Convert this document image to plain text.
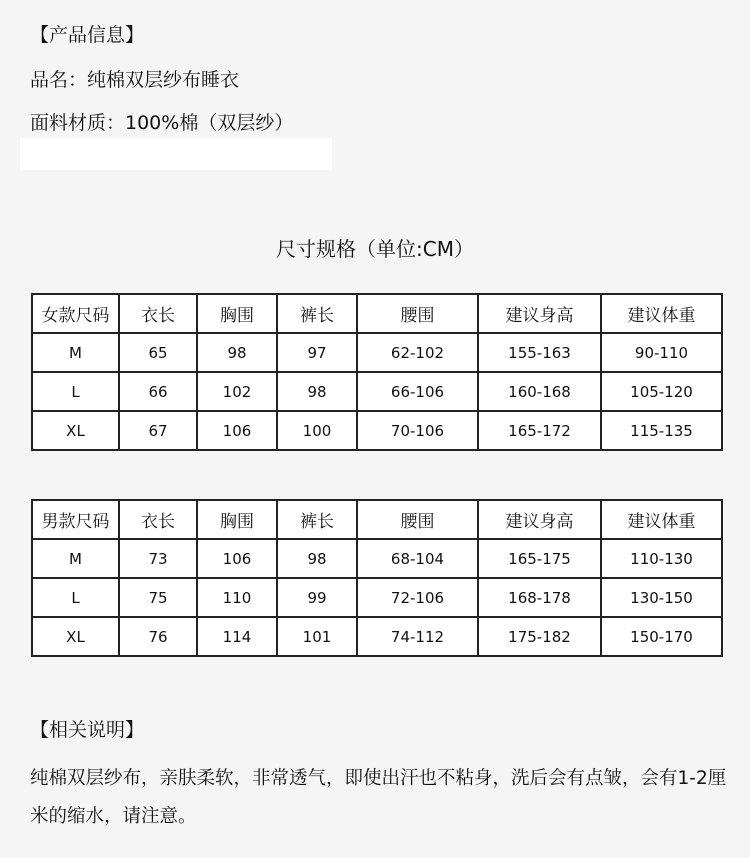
【产品信息】
品名：纯棉双层纱布睡衣
面料材质：100%棉（双层纱）
尺寸规格（单位:CM）
女款尺码	衣长	胸围	裤长	腰围	建议身高	建议体重
M	65	98	97	62-102	155-163	90-110
L	66	102	98	66-106	160-168	105-120
XL	67	106	100	70-106	165-172	115-135
男款尺码	衣长	胸围	裤长	腰围	建议身高	建议体重
M	73	106	98	68-104	165-175	110-130
L	75	110	99	72-106	168-178	130-150
XL	76	114	101	74-112	175-182	150-170
【相关说明】
纯棉双层纱布，亲肤柔软，非常透气，即使出汗也不粘身，洗后会有点皱，会有1-2厘米的缩水，请注意。
